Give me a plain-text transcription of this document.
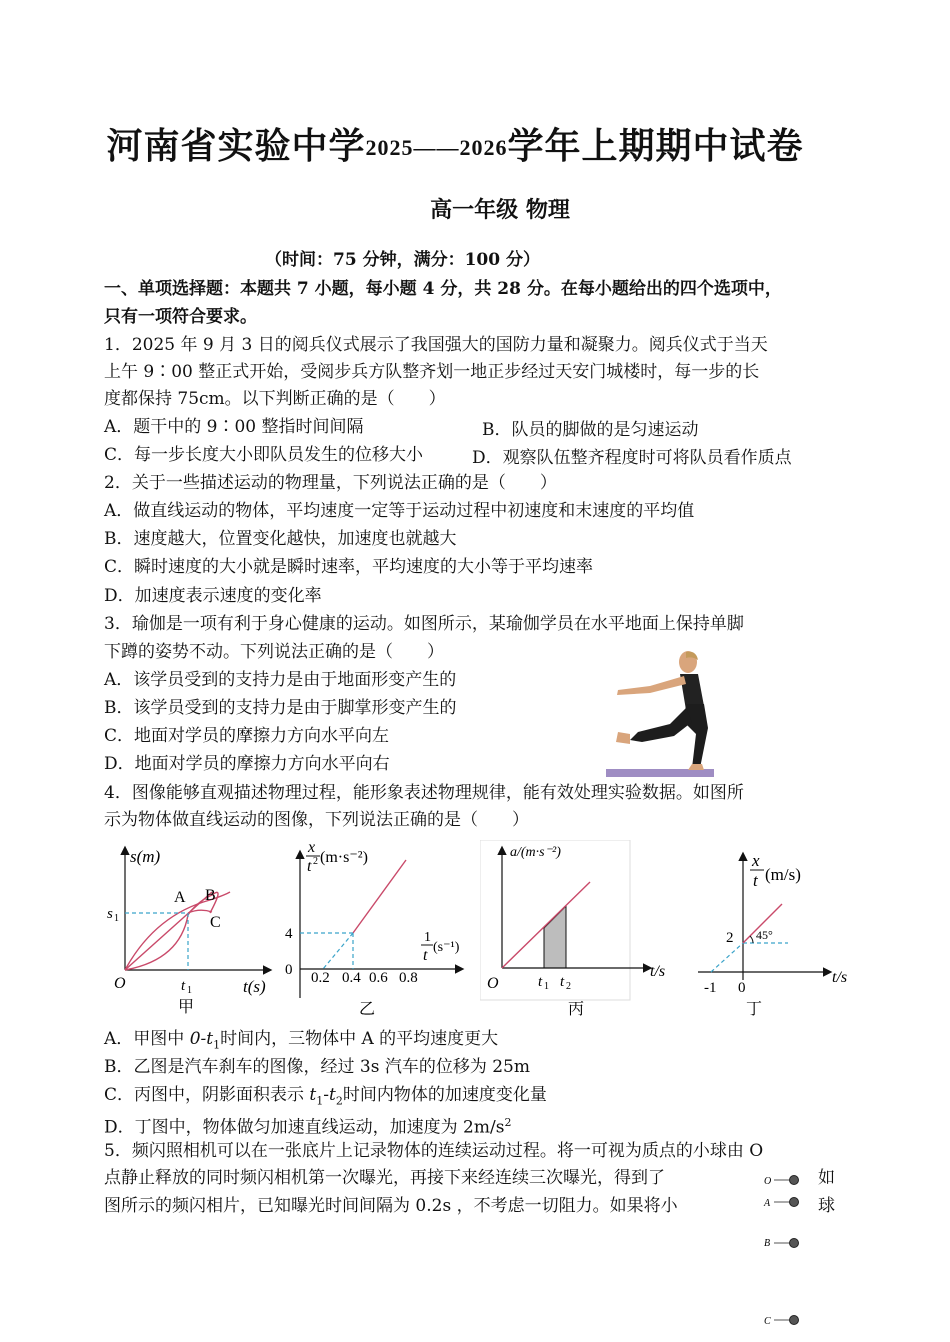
河南省实验中学2025——2026学年上期期中试卷
高一年级 物理
（时间：75 分钟，满分：100 分）
一、单项选择题：本题共 7 小题，每小题 4 分，共 28 分。在每小题给出的四个选项中，
只有一项符合要求。
1．2025 年 9 月 3 日的阅兵仪式展示了我国强大的国防力量和凝聚力。阅兵仪式于当天
上午 9∶00 整正式开始，受阅步兵方队整齐划一地正步经过天安门城楼时，每一步的长
度都保持 75cm。以下判断正确的是（　　）
A．题干中的 9∶00 整指时间间隔	B．队员的脚做的是匀速运动
C．每一步长度大小即队员发生的位移大小	D．观察队伍整齐程度时可将队员看作质点
2．关于一些描述运动的物理量，下列说法正确的是（　　）
A．做直线运动的物体，平均速度一定等于运动过程中初速度和末速度的平均值
B．速度越大，位置变化越快，加速度也就越大
C．瞬时速度的大小就是瞬时速率，平均速度的大小等于平均速率
D．加速度表示速度的变化率
3．瑜伽是一项有利于身心健康的运动。如图所示，某瑜伽学员在水平地面上保持单脚
下蹲的姿势不动。下列说法正确的是（　　）
A．该学员受到的支持力是由于地面形变产生的
B．该学员受到的支持力是由于脚掌形变产生的
C．地面对学员的摩擦力方向水平向左
D．地面对学员的摩擦力方向水平向右
4．图像能够直观描述物理过程，能形象表述物理规律，能有效处理实验数据。如图所
示为物体做直线运动的图像，下列说法正确的是（　　）
s(m)
s 1
A B
C
O	t 1	t(s)
甲
x
t 2 (m·s⁻²)
1
t (s⁻¹)
4
0 0.2 0.4 0.6 0.8
乙
a/(m·s⁻²)
O	t 1 t 2
t/s
丙
x
t (m/s)
2 45°
-1 0
t/s
丁
A．甲图中 $0-t_1$时间内，三物体中 A 的平均速度更大
B．乙图是汽车刹车的图像，经过 3s 汽车的位移为 25m
C．丙图中，阴影面积表示 $t_1-t_2$时间内物体的加速度变化量
D．丁图中，物体做匀加速直线运动，加速度为 $2m/s^2$
5．频闪照相机可以在一张底片上记录物体的连续运动过程。将一可视为质点的小球由 O
点静止释放的同时频闪相机第一次曝光，再接下来经连续三次曝光，得到了	如
图所示的频闪相片，已知曝光时间间隔为 0.2s ，不考虑一切阻力。如果将小	球
O
A
B
C
